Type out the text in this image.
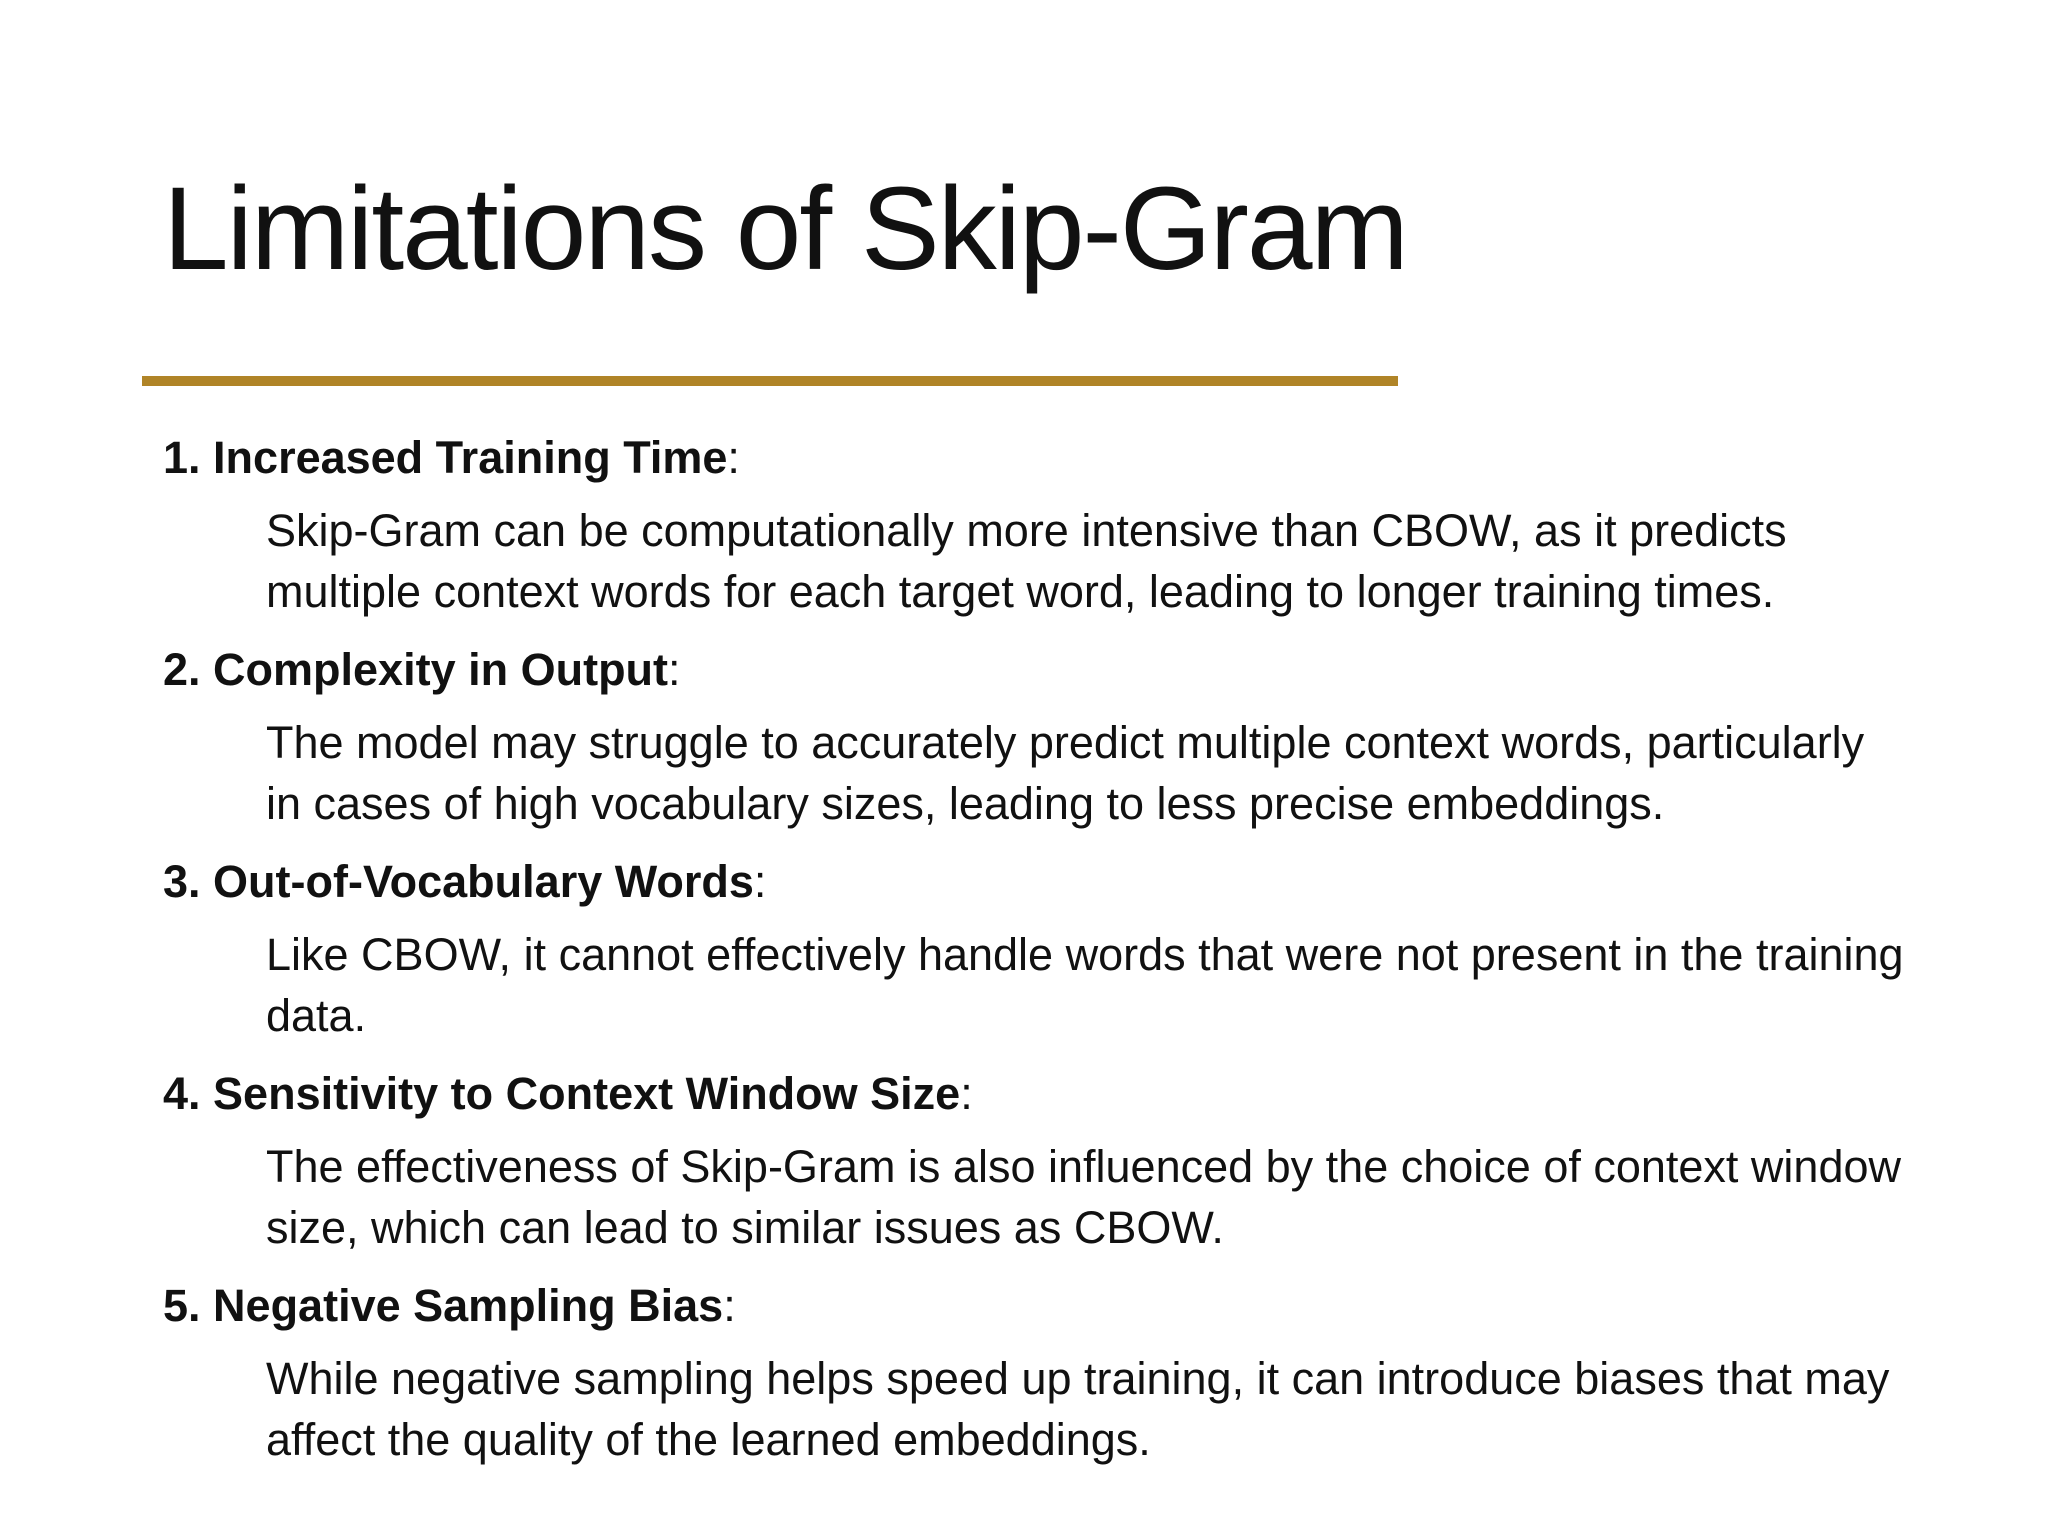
Limitations of Skip-Gram
1. Increased Training Time:
Skip-Gram can be computationally more intensive than CBOW, as it predicts
multiple context words for each target word, leading to longer training times.
2. Complexity in Output:
The model may struggle to accurately predict multiple context words, particularly
in cases of high vocabulary sizes, leading to less precise embeddings.
3. Out-of-Vocabulary Words:
Like CBOW, it cannot effectively handle words that were not present in the training
data.
4. Sensitivity to Context Window Size:
The effectiveness of Skip-Gram is also influenced by the choice of context window
size, which can lead to similar issues as CBOW.
5. Negative Sampling Bias:
While negative sampling helps speed up training, it can introduce biases that may
affect the quality of the learned embeddings.
